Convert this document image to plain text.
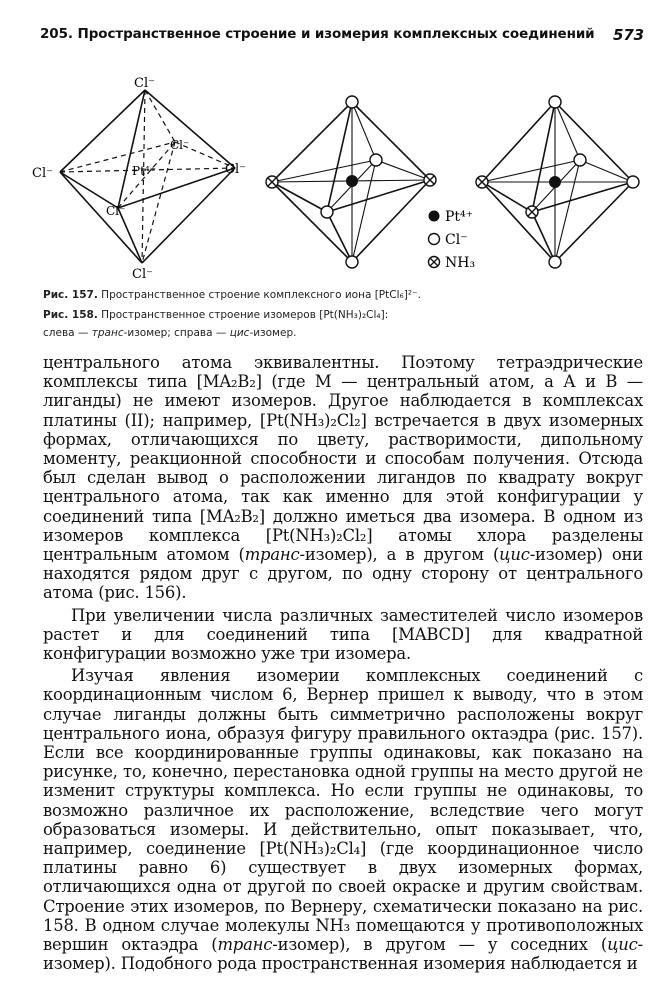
205. Пространственное строение и изомерия комплексных соединений 573
Cl⁻
Cl⁻
Cl⁻	Pt⁴⁺	Cl⁻
Cl⁻
Cl⁻
Pt⁴⁺
Cl⁻
NH₃
Рис. 157. Пространственное строение комплексного иона [PtCl₆]²⁻.
Рис. 158. Пространственное строение изомеров [Pt(NH₃)₂Cl₄]:
слева — транс-изомер; справа — цис-изомер.

центрального атома эквивалентны. Поэтому тетраэдрические комплексы типа [MA₂B₂] (где М — центральный атом, а А и В — лиганды) не имеют изомеров. Другое наблюдается в комплексах платины (II); например, [Pt(NH₃)₂Cl₂] встречается в двух изомерных формах, отличающихся по цвету, растворимости, дипольному моменту, реакционной способности и способам получения. Отсюда был сделан вывод о расположении лигандов по квадрату вокруг центрального атома, так как именно для этой конфигурации у соединений типа [MA₂B₂] должно иметься два изомера. В одном из изомеров комплекса [Pt(NH₃)₂Cl₂] атомы хлора разделены центральным атомом (транс-изомер), а в другом (цис-изомер) они находятся рядом друг с другом, по одну сторону от центрального атома (рис. 156).

При увеличении числа различных заместителей число изомеров растет и для соединений типа [MABCD] для квадратной конфигурации возможно уже три изомера.

Изучая явления изомерии комплексных соединений с координационным числом 6, Вернер пришел к выводу, что в этом случае лиганды должны быть симметрично расположены вокруг центрального иона, образуя фигуру правильного октаэдра (рис. 157). Если все координированные группы одинаковы, как показано на рисунке, то, конечно, перестановка одной группы на место другой не изменит структуры комплекса. Но если группы не одинаковы, то возможно различное их расположение, вследствие чего могут образоваться изомеры. И действительно, опыт показывает, что, например, соединение [Pt(NH₃)₂Cl₄] (где координационное число платины равно 6) существует в двух изомерных формах, отличающихся одна от другой по своей окраске и другим свойствам. Строение этих изомеров, по Вернеру, схематически показано на рис. 158. В одном случае молекулы NH₃ помещаются у противоположных вершин октаэдра (транс-изомер), в другом — у соседних (цис-изомер). Подобного рода пространственная изомерия наблюдается и
